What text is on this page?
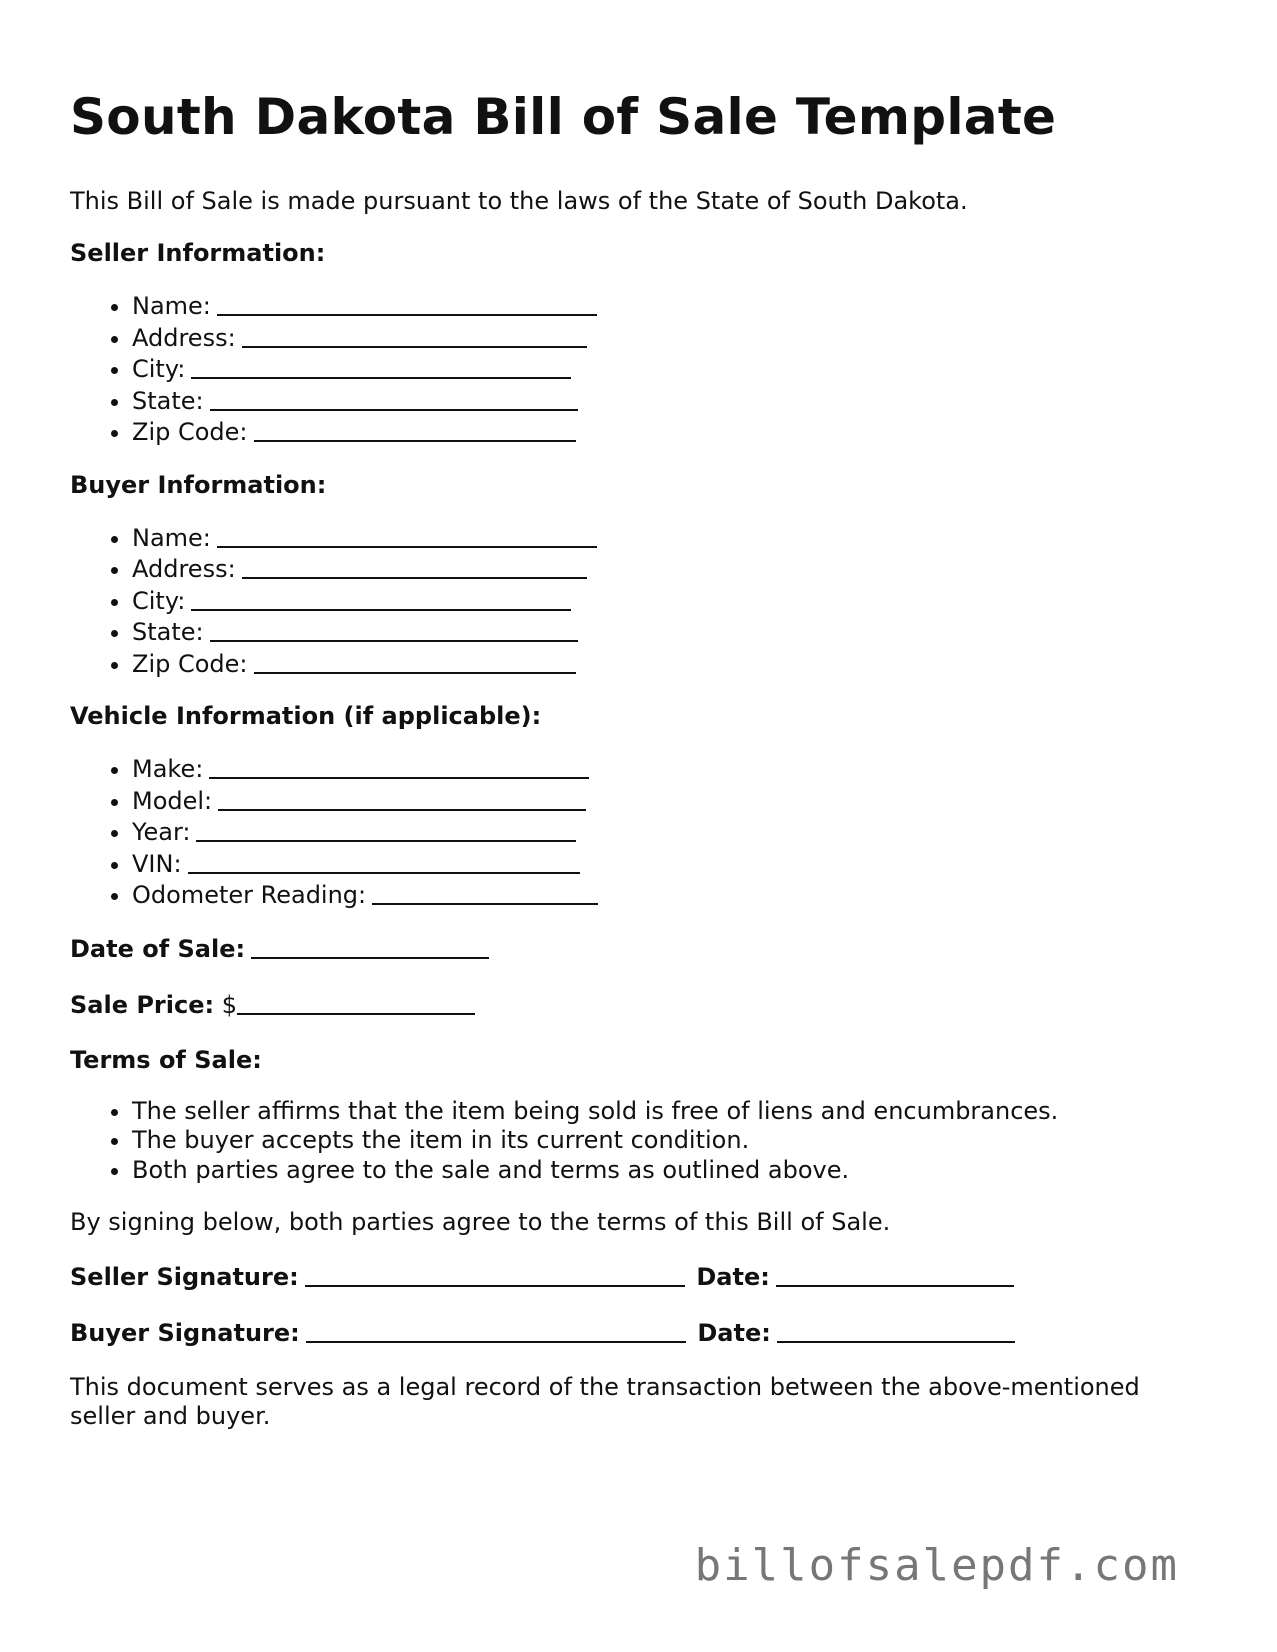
South Dakota Bill of Sale Template

This Bill of Sale is made pursuant to the laws of the State of South Dakota.

Seller Information:
• Name:
• Address:
• City:
• State:
• Zip Code:
Buyer Information:
• Name:
• Address:
• City:
• State:
• Zip Code:
Vehicle Information (if applicable):
• Make:
• Model:
• Year:
• VIN:
• Odometer Reading:
Date of Sale:
Sale Price: $
Terms of Sale:
• The seller affirms that the item being sold is free of liens and encumbrances.
• The buyer accepts the item in its current condition.
• Both parties agree to the sale and terms as outlined above.

By signing below, both parties agree to the terms of this Bill of Sale.

Seller Signature:	Date:
Buyer Signature:	Date:

This document serves as a legal record of the transaction between the above-mentioned seller and buyer.

billofsalepdf.com
